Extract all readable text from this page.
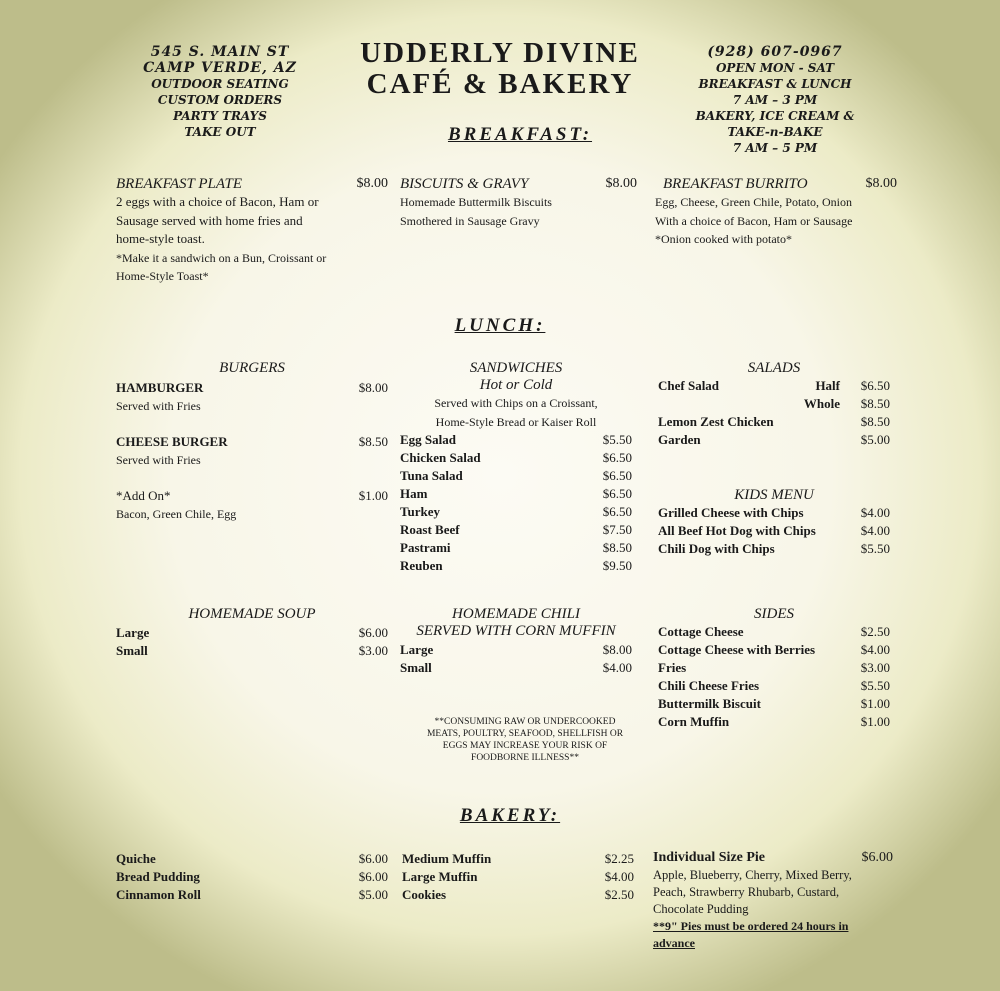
545 S. MAIN ST
CAMP VERDE, AZ
OUTDOOR SEATING
CUSTOM ORDERS
PARTY TRAYS
TAKE OUT
UDDERLY DIVINE
CAFÉ & BAKERY
(928) 607-0967
OPEN MON - SAT
BREAKFAST & LUNCH
7 AM – 3 PM
BAKERY, ICE CREAM &
TAKE-n-BAKE
7 AM – 5 PM
BREAKFAST:
BREAKFAST PLATE	$8.00
2 eggs with a choice of Bacon, Ham or
Sausage served with home fries and
home-style toast.
*Make it a sandwich on a Bun, Croissant or
Home-Style Toast*
BISCUITS & GRAVY	$8.00
Homemade Buttermilk Biscuits
Smothered in Sausage Gravy
BREAKFAST BURRITO	$8.00
Egg, Cheese, Green Chile, Potato, Onion
With a choice of Bacon, Ham or Sausage
*Onion cooked with potato*
LUNCH:
BURGERS
HAMBURGER	$8.00
Served with Fries
CHEESE BURGER	$8.50
Served with Fries
*Add On*	$1.00
Bacon, Green Chile, Egg
SANDWICHES
Hot or Cold
Served with Chips on a Croissant,
Home-Style Bread or Kaiser Roll
Egg Salad	$5.50
Chicken Salad	$6.50
Tuna Salad	$6.50
Ham	$6.50
Turkey	$6.50
Roast Beef	$7.50
Pastrami	$8.50
Reuben	$9.50
SALADS
Chef Salad	Half	$6.50
Whole	$8.50
Lemon Zest Chicken	$8.50
Garden	$5.00
KIDS MENU
Grilled Cheese with Chips	$4.00
All Beef Hot Dog with Chips	$4.00
Chili Dog with Chips	$5.50
HOMEMADE SOUP
Large	$6.00
Small	$3.00
HOMEMADE CHILI
SERVED WITH CORN MUFFIN
Large	$8.00
Small	$4.00
SIDES
Cottage Cheese	$2.50
Cottage Cheese with Berries	$4.00
Fries	$3.00
Chili Cheese Fries	$5.50
Buttermilk Biscuit	$1.00
Corn Muffin	$1.00
**CONSUMING RAW OR UNDERCOOKED
MEATS, POULTRY, SEAFOOD, SHELLFISH OR
EGGS MAY INCREASE YOUR RISK OF
FOODBORNE ILLNESS**
BAKERY:
Quiche	$6.00
Bread Pudding	$6.00
Cinnamon Roll	$5.00
Medium Muffin	$2.25
Large Muffin	$4.00
Cookies	$2.50
Individual Size Pie	$6.00
Apple, Blueberry, Cherry, Mixed Berry,
Peach, Strawberry Rhubarb, Custard,
Chocolate Pudding
**9" Pies must be ordered 24 hours in
advance
